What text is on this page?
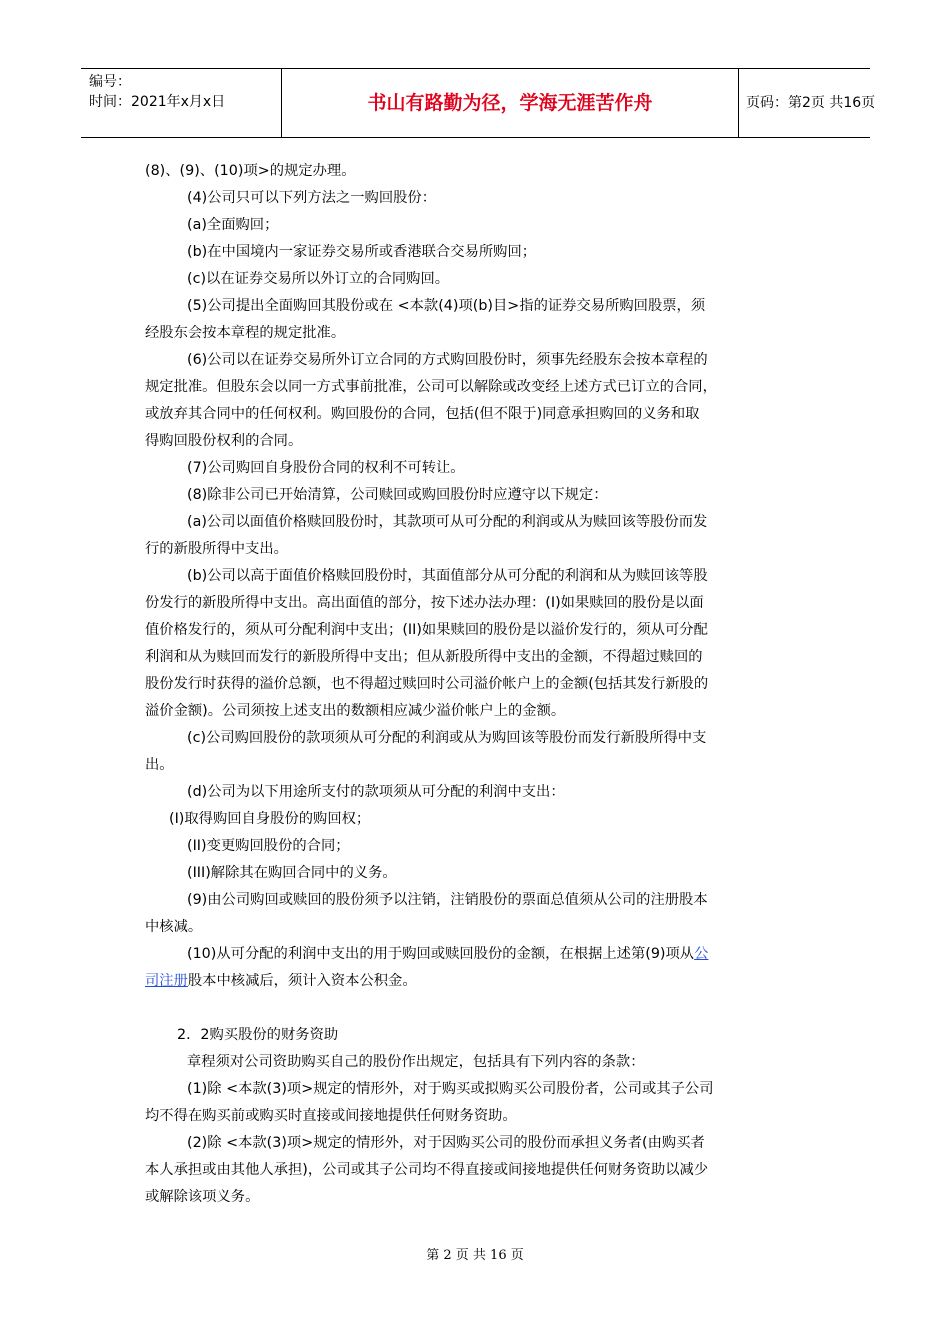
编号：
时间：2021年x月x日	书山有路勤为径，学海无涯苦作舟	页码：第2页 共16页

(8)、(9)、(10)项>的规定办理。

(4)公司只可以下列方法之一购回股份：

(a)全面购回；

(b)在中国境内一家证券交易所或香港联合交易所购回；

(c)以在证券交易所以外订立的合同购回。

(5)公司提出全面购回其股份或在 <本款(4)项(b)目>指的证券交易所购回股票，须

经股东会按本章程的规定批准。

(6)公司以在证券交易所外订立合同的方式购回股份时，须事先经股东会按本章程的

规定批准。但股东会以同一方式事前批准，公司可以解除或改变经上述方式已订立的合同，

或放弃其合同中的任何权利。购回股份的合同，包括(但不限于)同意承担购回的义务和取

得购回股份权利的合同。

(7)公司购回自身股份合同的权利不可转让。

(8)除非公司已开始清算，公司赎回或购回股份时应遵守以下规定：

(a)公司以面值价格赎回股份时，其款项可从可分配的利润或从为赎回该等股份而发

行的新股所得中支出。

(b)公司以高于面值价格赎回股份时，其面值部分从可分配的利润和从为赎回该等股

份发行的新股所得中支出。高出面值的部分，按下述办法办理：(I)如果赎回的股份是以面

值价格发行的，须从可分配利润中支出；(II)如果赎回的股份是以溢价发行的，须从可分配

利润和从为赎回而发行的新股所得中支出；但从新股所得中支出的金额，不得超过赎回的

股份发行时获得的溢价总额，也不得超过赎回时公司溢价帐户上的金额(包括其发行新股的

溢价金额)。公司须按上述支出的数额相应减少溢价帐户上的金额。

(c)公司购回股份的款项须从可分配的利润或从为购回该等股份而发行新股所得中支

出。

(d)公司为以下用途所支付的款项须从可分配的利润中支出：

(I)取得购回自身股份的购回权；

(II)变更购回股份的合同；

(III)解除其在购回合同中的义务。

(9)由公司购回或赎回的股份须予以注销，注销股份的票面总值须从公司的注册股本

中核减。

(10)从可分配的利润中支出的用于购回或赎回股份的金额，在根据上述第(9)项从公

司注册股本中核减后，须计入资本公积金。

2．2购买股份的财务资助

章程须对公司资助购买自己的股份作出规定，包括具有下列内容的条款：

(1)除 <本款(3)项>规定的情形外，对于购买或拟购买公司股份者，公司或其子公司

均不得在购买前或购买时直接或间接地提供任何财务资助。

(2)除 <本款(3)项>规定的情形外，对于因购买公司的股份而承担义务者(由购买者

本人承担或由其他人承担)，公司或其子公司均不得直接或间接地提供任何财务资助以减少

或解除该项义务。

第 2 页 共 16 页
